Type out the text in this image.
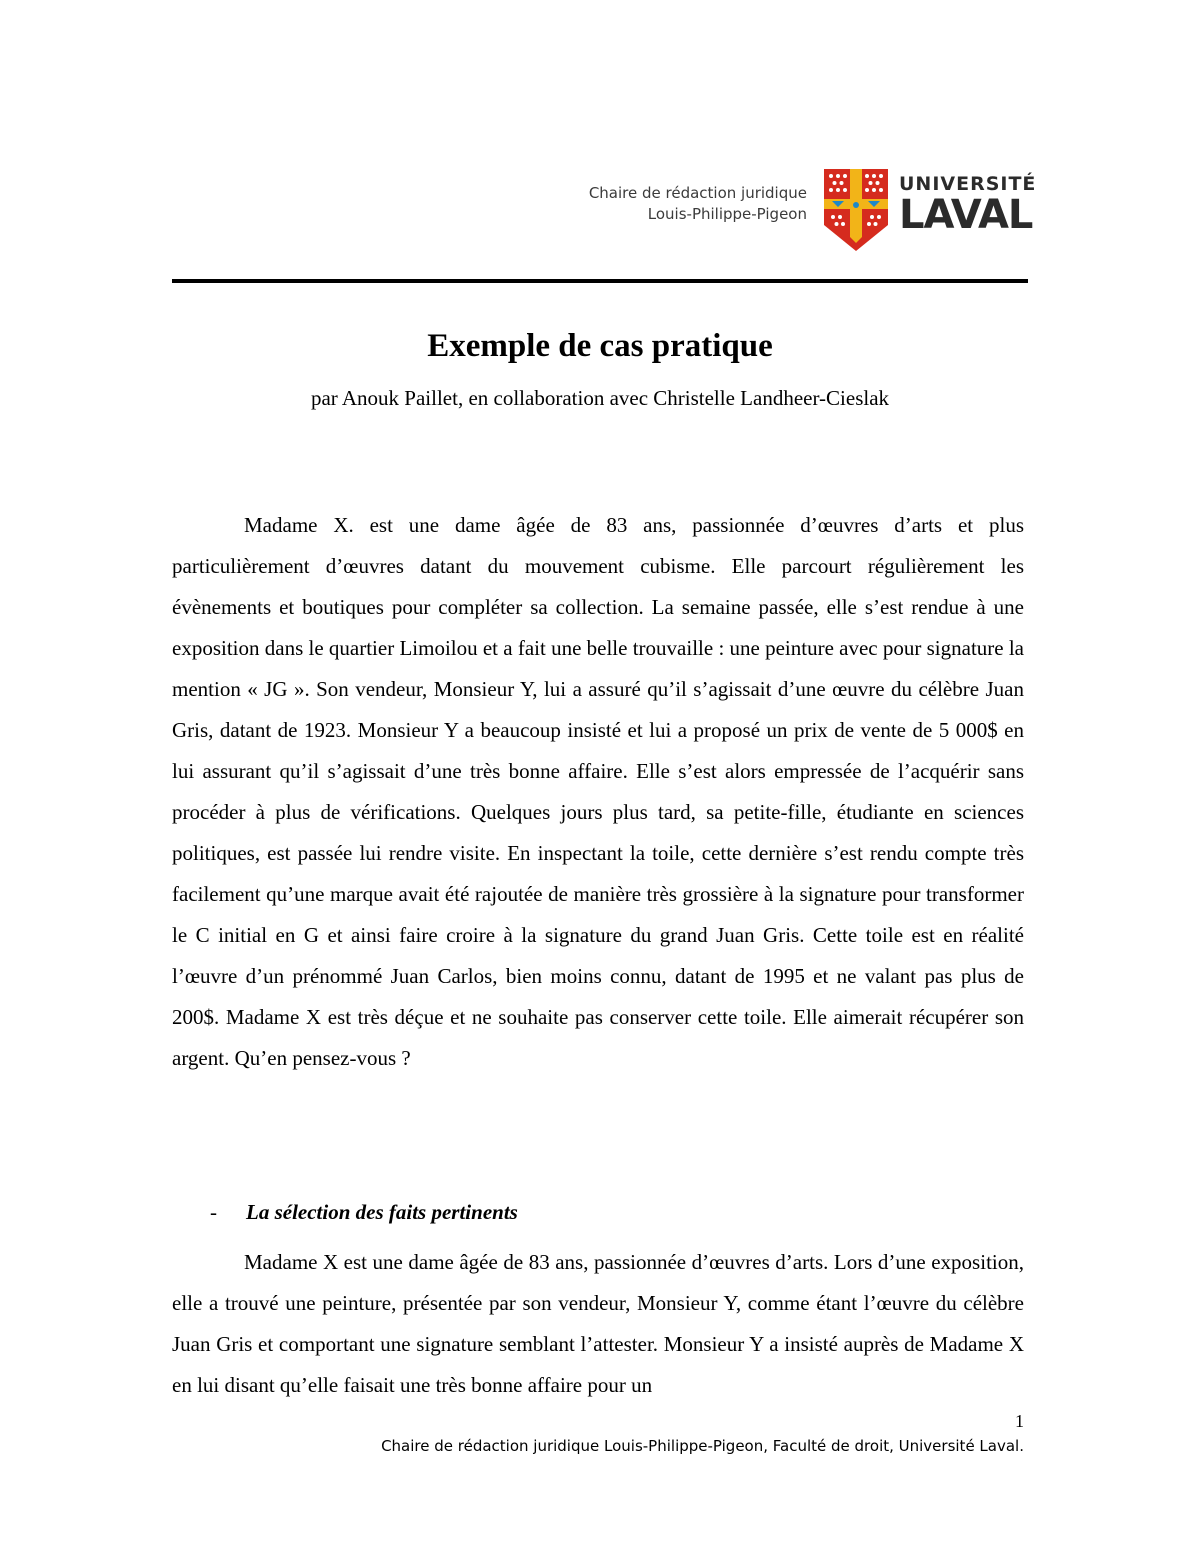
Chaire de rédaction juridique
Louis-Philippe-Pigeon
UNIVERSITÉ
LAVAL
Exemple de cas pratique
par Anouk Paillet, en collaboration avec Christelle Landheer-Cieslak

Madame X. est une dame âgée de 83 ans, passionnée d’œuvres d’arts et plus particulièrement d’œuvres datant du mouvement cubisme. Elle parcourt régulièrement les évènements et boutiques pour compléter sa collection. La semaine passée, elle s’est rendue à une exposition dans le quartier Limoilou et a fait une belle trouvaille : une peinture avec pour signature la mention « JG ». Son vendeur, Monsieur Y, lui a assuré qu’il s’agissait d’une œuvre du célèbre Juan Gris, datant de 1923. Monsieur Y a beaucoup insisté et lui a proposé un prix de vente de 5 000$ en lui assurant qu’il s’agissait d’une très bonne affaire. Elle s’est alors empressée de l’acquérir sans procéder à plus de vérifications. Quelques jours plus tard, sa petite-fille, étudiante en sciences politiques, est passée lui rendre visite. En inspectant la toile, cette dernière s’est rendu compte très facilement qu’une marque avait été rajoutée de manière très grossière à la signature pour transformer le C initial en G et ainsi faire croire à la signature du grand Juan Gris. Cette toile est en réalité l’œuvre d’un prénommé Juan Carlos, bien moins connu, datant de 1995 et ne valant pas plus de 200$. Madame X est très déçue et ne souhaite pas conserver cette toile. Elle aimerait récupérer son argent. Qu’en pensez-vous ?

- La sélection des faits pertinents

Madame X est une dame âgée de 83 ans, passionnée d’œuvres d’arts. Lors d’une exposition, elle a trouvé une peinture, présentée par son vendeur, Monsieur Y, comme étant l’œuvre du célèbre Juan Gris et comportant une signature semblant l’attester. Monsieur Y a insisté auprès de Madame X en lui disant qu’elle faisait une très bonne affaire pour un

1
Chaire de rédaction juridique Louis-Philippe-Pigeon, Faculté de droit, Université Laval.
